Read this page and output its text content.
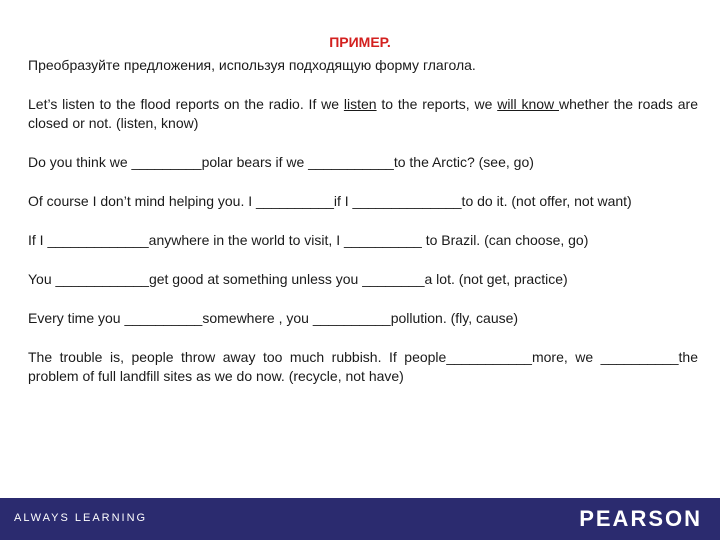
ПРИМЕР.

Преобразуйте предложения, используя подходящую форму глагола.

Let’s listen to the flood reports on the radio. If we listen to the reports, we will know whether the roads are closed or not. (listen, know)

Do you think we _________polar bears if we ___________to the Arctic? (see, go)

Of course I don’t mind helping you. I __________if I ______________to do it. (not offer, not want)

If I _____________anywhere in the world to visit, I __________ to Brazil. (can choose, go)

You ____________get good at something unless you ________a lot. (not get, practice)

Every time you __________somewhere , you __________pollution. (fly, cause)

The trouble is, people throw away too much rubbish. If people___________more, we __________the problem of full landfill sites as we do now. (recycle, not have)

ALWAYS LEARNING	PEARSON
